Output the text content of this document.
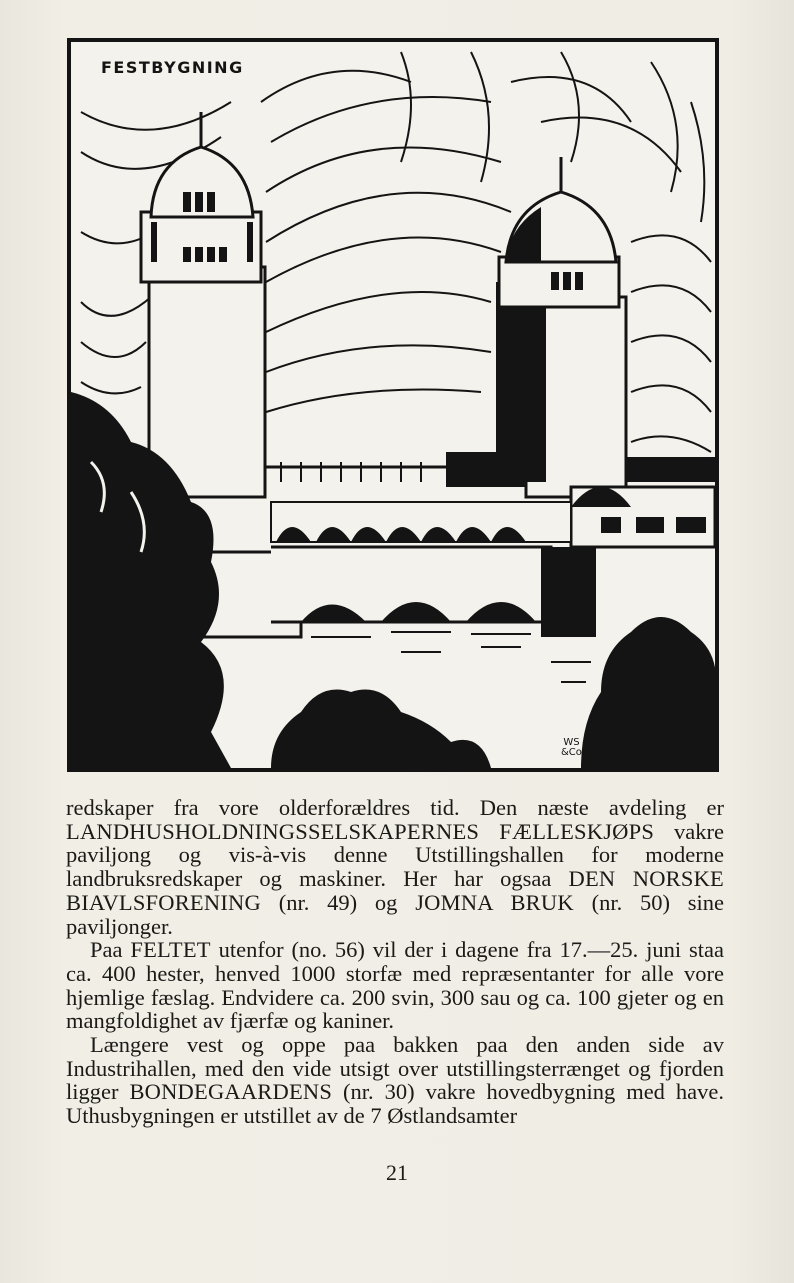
FESTBYGNING
WS
&Co

redskaper fra vore olderforældres tid. Den næste avdeling er LANDHUSHOLDNINGSSELSKAPERNES FÆLLESKJØPS vakre paviljong og vis-à-vis denne Utstillingshallen for moderne landbruksredskaper og maskiner. Her har ogsaa DEN NORSKE BIAVLSFORENING (nr. 49) og JOMNA BRUK (nr. 50) sine paviljonger.

Paa FELTET utenfor (no. 56) vil der i dagene fra 17.—25. juni staa ca. 400 hester, henved 1000 storfæ med repræsentanter for alle vore hjemlige fæslag. Endvidere ca. 200 svin, 300 sau og ca. 100 gjeter og en mangfoldighet av fjærfæ og kaniner.

Længere vest og oppe paa bakken paa den anden side av Industrihallen, med den vide utsigt over utstillingsterrænget og fjorden ligger BONDEGAARDENS (nr. 30) vakre hovedbygning med have. Uthusbygningen er utstillet av de 7 Østlandsamter

21
